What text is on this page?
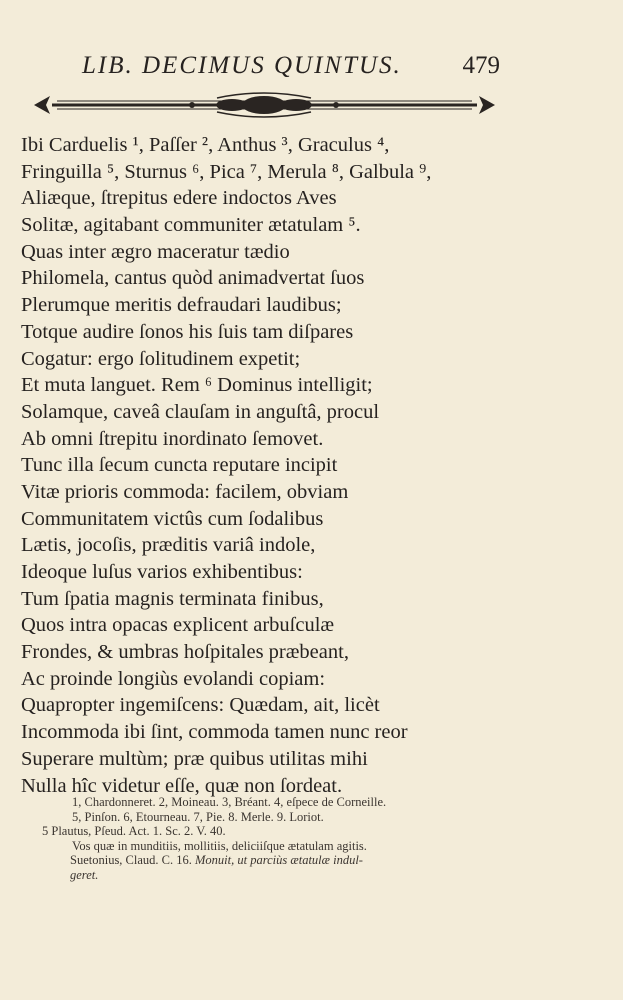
LIB. DECIMUS QUINTUS. 479
Ibi Carduelis ¹, Paſſer ², Anthus ³, Graculus ⁴,
Fringuilla ⁵, Sturnus ⁶, Pica ⁷, Merula ⁸, Galbula ⁹,
Aliæque, ſtrepitus edere indoctos Aves
Solitæ, agitabant communiter ætatulam ⁵.
Quas inter ægro maceratur tædio
Philomela, cantus quòd animadvertat ſuos
Plerumque meritis defraudari laudibus;
Totque audire ſonos his ſuis tam diſpares
Cogatur: ergo ſolitudinem expetit;
Et muta languet. Rem ⁶ Dominus intelligit;
Solamque, caveâ clauſam in anguſtâ, procul
Ab omni ſtrepitu inordinato ſemovet.
Tunc illa ſecum cuncta reputare incipit
Vitæ prioris commoda: facilem, obviam
Communitatem victûs cum ſodalibus
Lætis, jocoſis, præditis variâ indole,
Ideoque luſus varios exhibentibus:
Tum ſpatia magnis terminata finibus,
Quos intra opacas explicent arbuſculæ
Frondes, & umbras hoſpitales præbeant,
Ac proinde longiùs evolandi copiam:
Quapropter ingemiſcens: Quædam, ait, licèt
Incommoda ibi ſint, commoda tamen nunc reor
Superare multùm; præ quibus utilitas mihi
Nulla hîc videtur eſſe, quæ non ſordeat.
1, Chardonneret. 2, Moineau. 3, Bréant. 4, eſpece de Corneille.
5, Pinſon. 6, Etourneau. 7, Pie. 8. Merle. 9. Loriot.
5 Plautus, Pſeud. Act. 1. Sc. 2. V. 40.
Vos quæ in munditiis, mollitiis, deliciiſque ætatulam agitis.
Suetonius, Claud. C. 16. Monuit, ut parciùs ætatulæ indul-
geret.
